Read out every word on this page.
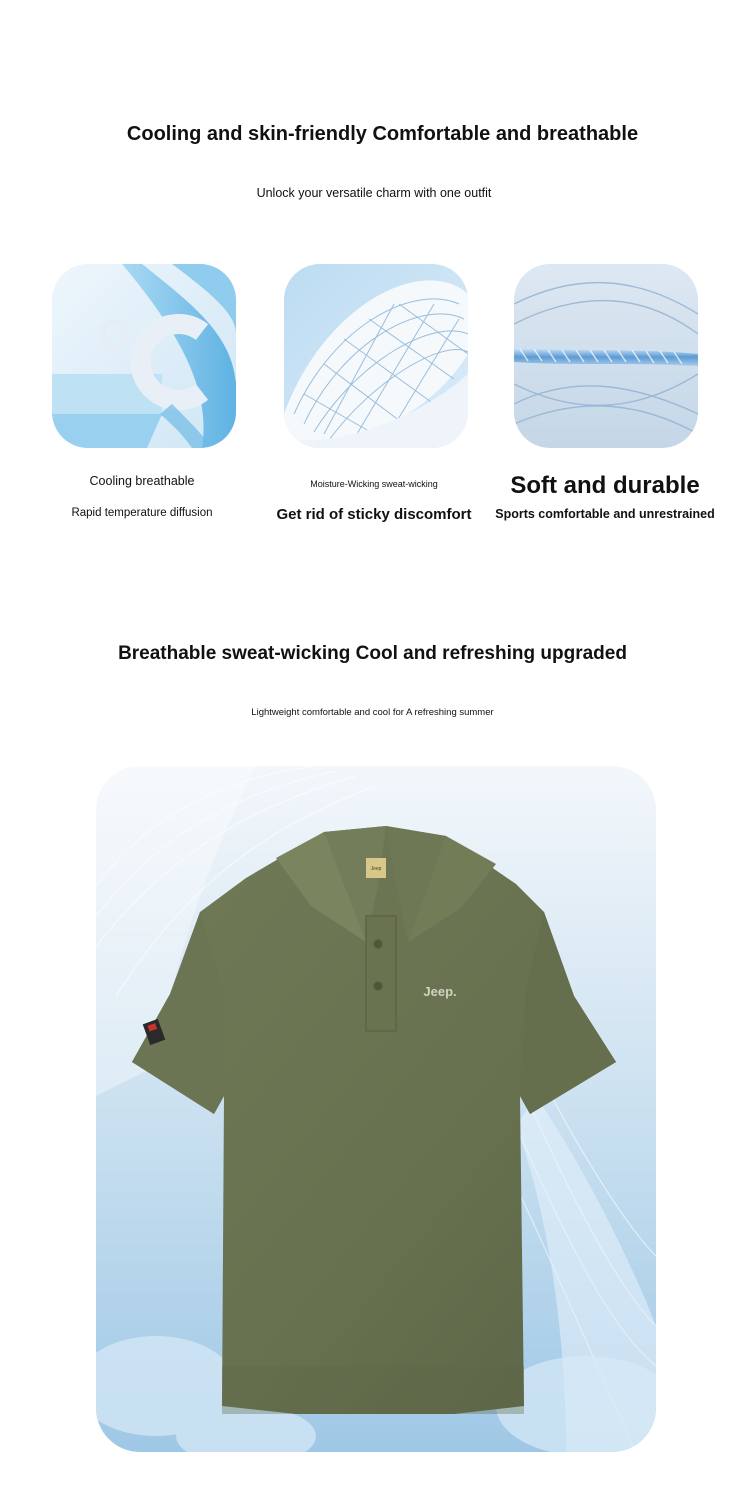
Cooling and skin-friendly Comfortable and breathable
Unlock your versatile charm with one outfit
Cooling breathable
Rapid temperature diffusion
Moisture-Wicking sweat-wicking
Get rid of sticky discomfort
Soft and durable
Sports comfortable and unrestrained
Breathable sweat-wicking Cool and refreshing upgraded
Lightweight comfortable and cool for A refreshing summer
Jeep
Jeep.
